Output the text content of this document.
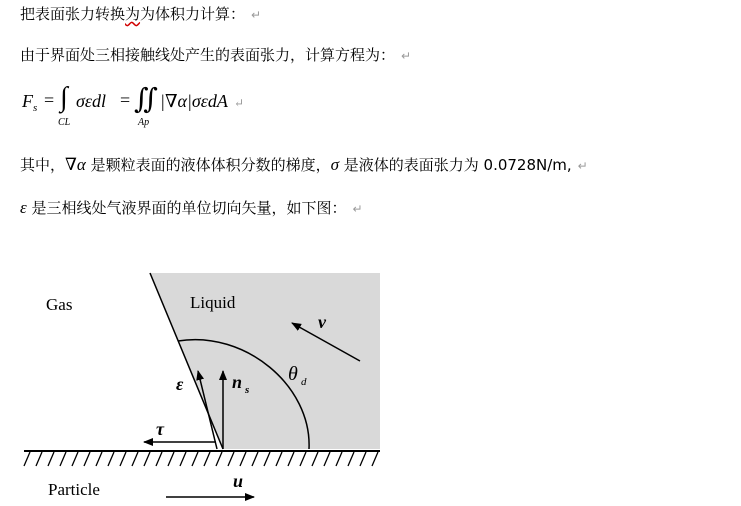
把表面张力转换为为体积力计算： ↵
由于界面处三相接触线处产生的表面张力，计算方程为： ↵
F s = ∫
CL
σεdl = ∬
Ap
|∇α|σεdA ↵
其中，∇α 是颗粒表面的液体体积分数的梯度，σ 是液体的表面张力为 0.0728N/m, ↵
ε 是三相线处气液界面的单位切向矢量，如下图： ↵
Gas	Liquid
Particle
v
θ d
ε	n s
τ
u
